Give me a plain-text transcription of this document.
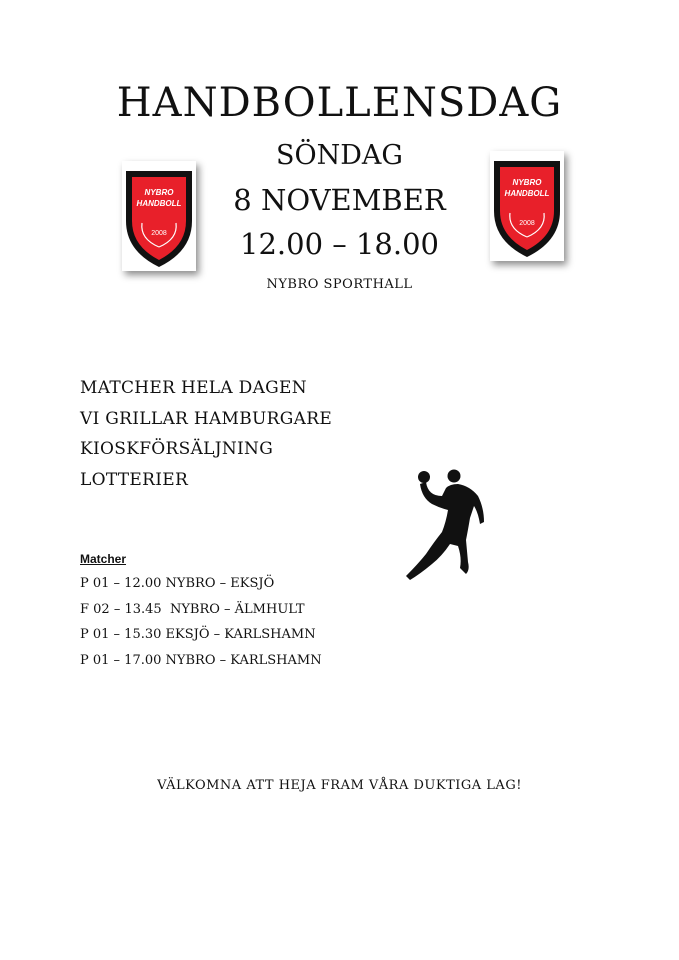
HANDBOLLENSDAG
NYBRO
HANDBOLL
2008
NYBRO
HANDBOLL
2008
SÖNDAG
8 NOVEMBER
12.00 – 18.00
NYBRO SPORTHALL
MATCHER HELA DAGEN
VI GRILLAR HAMBURGARE
KIOSKFÖRSÄLJNING
LOTTERIER
Matcher
P 01 – 12.00 NYBRO – EKSJÖ
F 02 – 13.45  NYBRO – ÄLMHULT
P 01 – 15.30 EKSJÖ – KARLSHAMN
P 01 – 17.00 NYBRO – KARLSHAMN
VÄLKOMNA ATT HEJA FRAM VÅRA DUKTIGA LAG!
